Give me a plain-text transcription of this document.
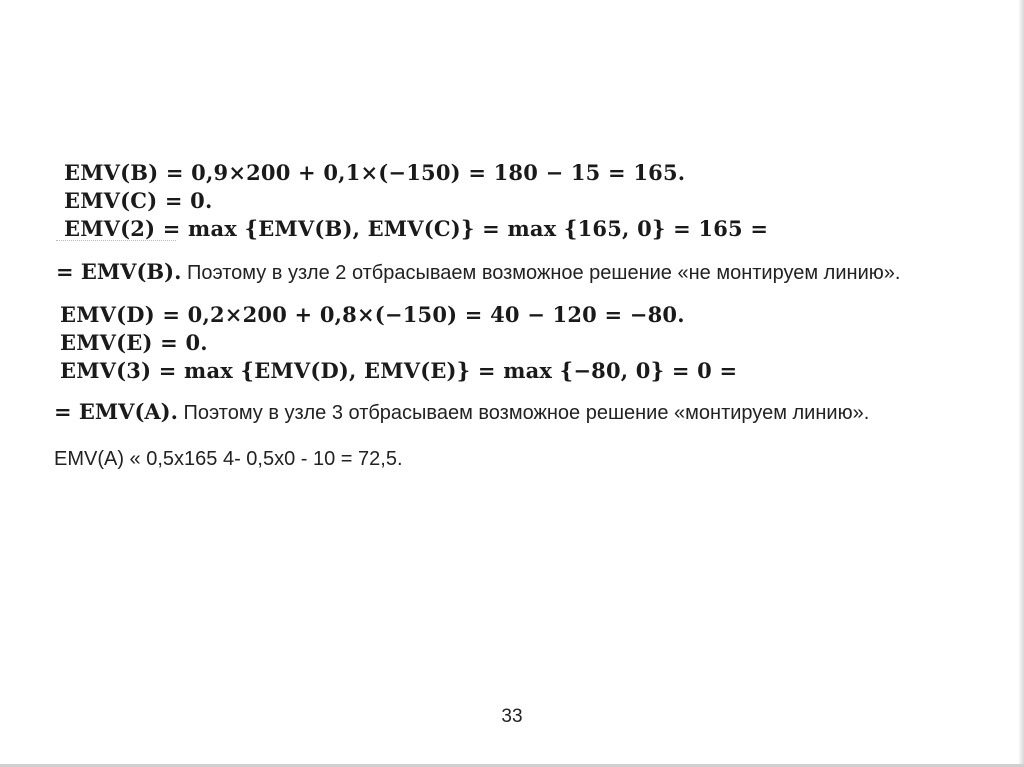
EMV(B) = 0,9×200 + 0,1×(−150) = 180 − 15 = 165.
EMV(C) = 0.
EMV(2) = max {EMV(B), EMV(C)} = max {165, 0} = 165 =
= EMV(B). Поэтому в узле 2 отбрасываем возможное решение «не монтируем линию».
EMV(D) = 0,2×200 + 0,8×(−150) = 40 − 120 = −80.
EMV(E) = 0.
EMV(3) = max {EMV(D), EMV(E)} = max {−80, 0} = 0 =
= EMV(A). Поэтому в узле 3 отбрасываем возможное решение «монтируем линию».
EMV(A) « 0,5x165 4- 0,5x0 - 10 = 72,5.
33
